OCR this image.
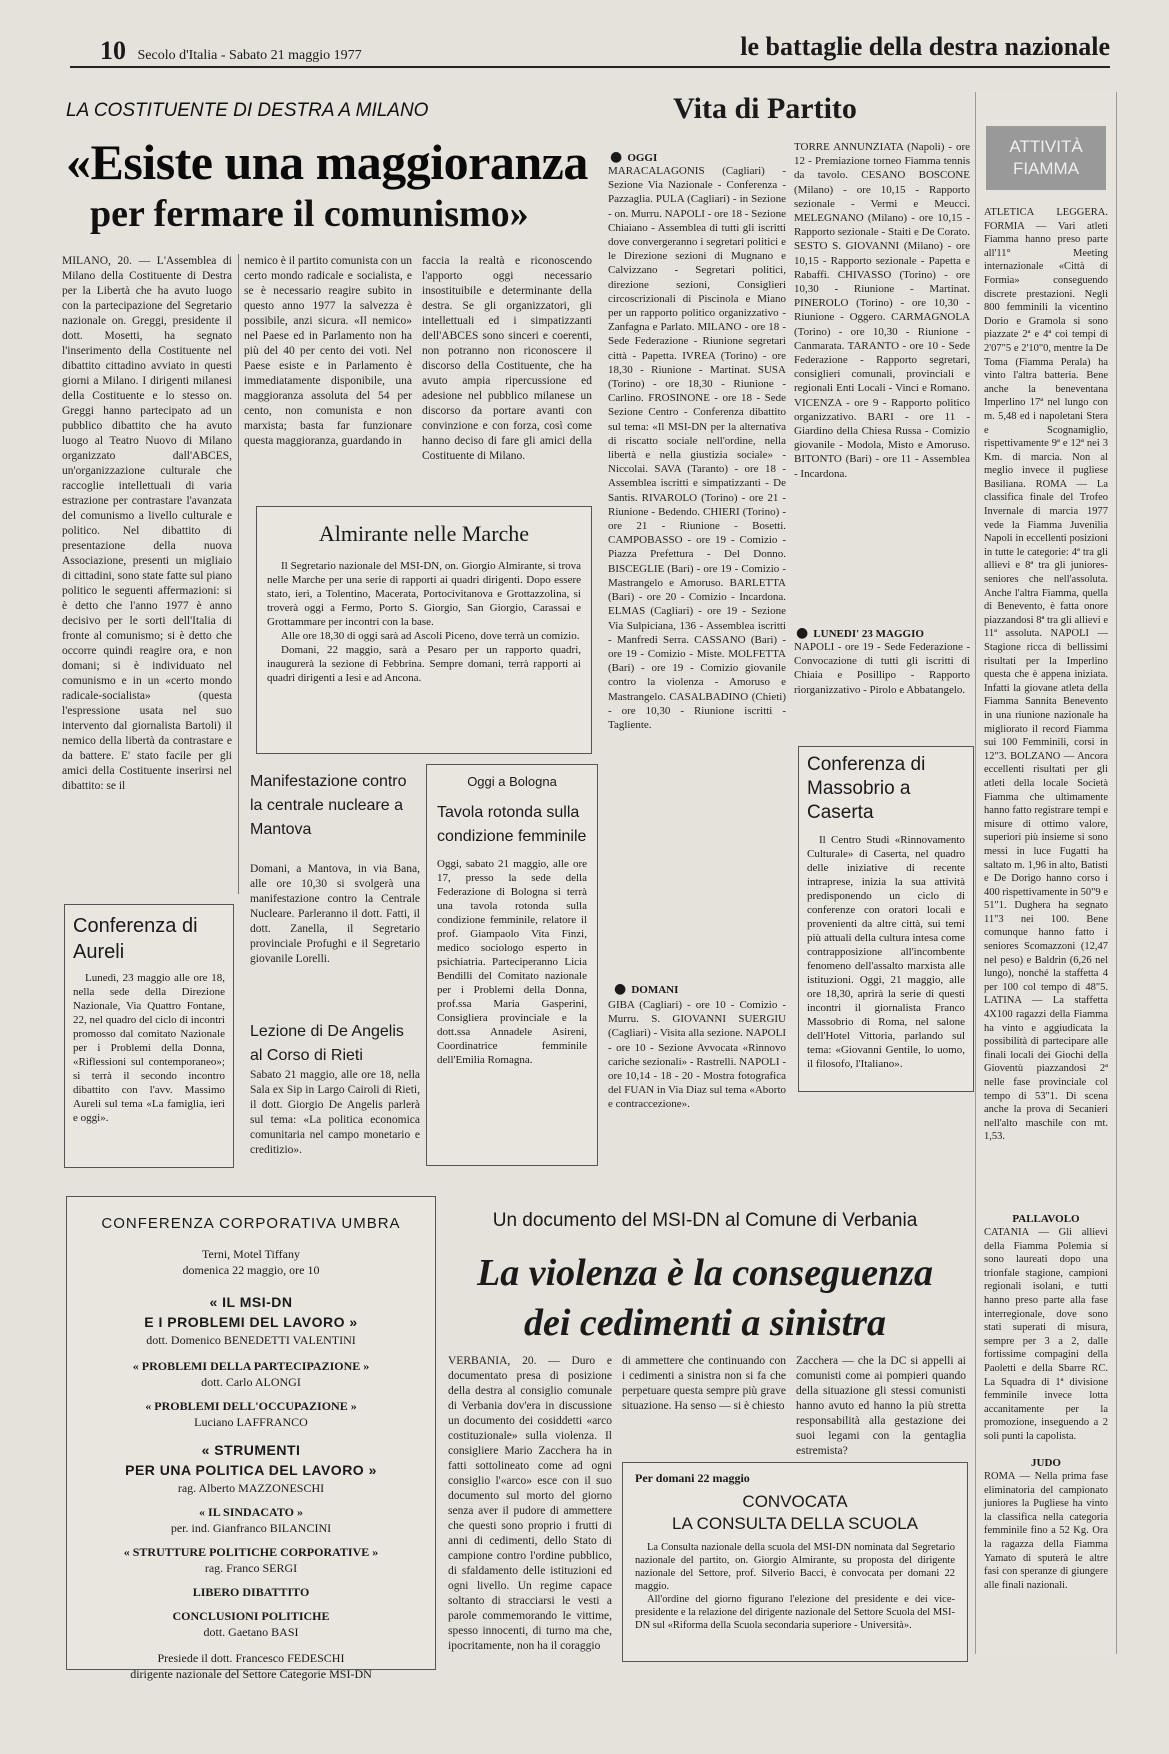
10 Secolo d'Italia - Sabato 21 maggio 1977	le battaglie della destra nazionale
LA COSTITUENTE DI DESTRA A MILANO
«Esiste una maggioranza
per fermare il comunismo»
MILANO, 20. — L'Assemblea di Milano della Costituente di Destra per la Libertà che ha avuto luogo con la partecipazione del Segretario nazionale on. Greggi, presidente il dott. Mosetti, ha segnato l'inserimento della Costituente nel dibattito cittadino avviato in questi giorni a Milano. I dirigenti milanesi della Costituente e lo stesso on. Greggi hanno partecipato ad un pubblico dibattito che ha avuto luogo al Teatro Nuovo di Milano organizzato dall'ABCES, un'organizzazione culturale che raccoglie intellettuali di varia estrazione per contrastare l'avanzata del comunismo a livello culturale e politico. Nel dibattito di presentazione della nuova Associazione, presenti un migliaio di cittadini, sono state fatte sul piano politico le seguenti affermazioni: si è detto che l'anno 1977 è anno decisivo per le sorti dell'Italia di fronte al comunismo; si è detto che occorre quindi reagire ora, e non domani; si è individuato nel comunismo e in un «certo mondo radicale-socialista» (questa l'espressione usata nel suo intervento dal giornalista Bartoli) il nemico della libertà da contrastare e da battere. E' stato facile per gli amici della Costituente inserirsi nel dibattito: se il
nemico è il partito comunista con un certo mondo radicale e socialista, e se è necessario reagire subito in questo anno 1977 la salvezza è possibile, anzi sicura. «Il nemico» nel Paese ed in Parlamento non ha più del 40 per cento dei voti. Nel Paese esiste e in Parlamento è immediatamente disponibile, una maggioranza assoluta del 54 per cento, non comunista e non marxista; basta far funzionare questa maggioranza, guardando in
faccia la realtà e riconoscendo l'apporto oggi necessario insostituibile e determinante della destra. Se gli organizzatori, gli intellettuali ed i simpatizzanti dell'ABCES sono sinceri e coerenti, non potranno non riconoscere il discorso della Costituente, che ha avuto ampia ripercussione ed adesione nel pubblico milanese un discorso da portare avanti con convinzione e con forza, così come hanno deciso di fare gli amici della Costituente di Milano.
Almirante nelle Marche
Il Segretario nazionale del MSI-DN, on. Giorgio Almirante, si trova nelle Marche per una serie di rapporti ai quadri dirigenti. Dopo essere stato, ieri, a Tolentino, Macerata, Portocivitanova e Grottazzolina, si troverà oggi a Fermo, Porto S. Giorgio, San Giorgio, Carassai e Grottammare per incontri con la base.
Alle ore 18,30 di oggi sarà ad Ascoli Piceno, dove terrà un comizio.
Domani, 22 maggio, sarà a Pesaro per un rapporto quadri, inaugurerà la sezione di Febbrina. Sempre domani, terrà rapporti ai quadri dirigenti a Iesi e ad Ancona.
Manifestazione contro la centrale nucleare a Mantova
Domani, a Mantova, in via Bana, alle ore 10,30 si svolgerà una manifestazione contro la Centrale Nucleare. Parleranno il dott. Fatti, il dott. Zanella, il Segretario provinciale Profughi e il Segretario giovanile Lorelli.
Lezione di De Angelis al Corso di Rieti
Sabato 21 maggio, alle ore 18, nella Sala ex Sip in Largo Cairoli di Rieti, il dott. Giorgio De Angelis parlerà sul tema: «La politica economica comunitaria nel campo monetario e creditizio».
Oggi a Bologna
Tavola rotonda sulla condizione femminile
Oggi, sabato 21 maggio, alle ore 17, presso la sede della Federazione di Bologna si terrà una tavola rotonda sulla condizione femminile, relatore il prof. Giampaolo Vita Finzi, medico sociologo esperto in psichiatria. Parteciperanno Licia Bendilli del Comitato nazionale per i Problemi della Donna, prof.ssa Maria Gasperini, Consigliera provinciale e la dott.ssa Annadele Asireni, Coordinatrice femminile dell'Emilia Romagna.
Conferenza di Aureli
Lunedì, 23 maggio alle ore 18, nella sede della Direzione Nazionale, Via Quattro Fontane, 22, nel quadro del ciclo di incontri promosso dal comitato Nazionale per i Problemi della Donna, «Riflessioni sul contemporaneo»; si terrà il secondo incontro dibattito con l'avv. Massimo Aureli sul tema «La famiglia, ieri e oggi».
Vita di Partito
● OGGI
MARACALAGONIS (Cagliari) - Sezione Via Nazionale - Conferenza - Pazzaglia. PULA (Cagliari) - in Sezione - on. Murru. NAPOLI - ore 18 - Sezione Chiaiano - Assemblea di tutti gli iscritti dove convergeranno i segretari politici e le Direzione sezioni di Mugnano e Calvizzano - Segretari politici, direzione sezioni, Consiglieri circoscrizionali di Piscinola e Miano per un rapporto politico organizzativo - Zanfagna e Parlato. MILANO - ore 18 - Sede Federazione - Riunione segretari città - Papetta. IVREA (Torino) - ore 18,30 - Riunione - Martinat. SUSA (Torino) - ore 18,30 - Riunione - Carlino. FROSINONE - ore 18 - Sede Sezione Centro - Conferenza dibattito sul tema: «Il MSI-DN per la alternativa di riscatto sociale nell'ordine, nella libertà e nella giustizia sociale» - Niccolai. SAVA (Taranto) - ore 18 - Assemblea iscritti e simpatizzanti - De Santis. RIVAROLO (Torino) - ore 21 - Riunione - Bedendo. CHIERI (Torino) - ore 21 - Riunione - Bosetti. CAMPOBASSO - ore 19 - Comizio - Piazza Prefettura - Del Donno. BISCEGLIE (Bari) - ore 19 - Comizio - Mastrangelo e Amoruso. BARLETTA (Bari) - ore 20 - Comizio - Incardona. ELMAS (Cagliari) - ore 19 - Sezione Via Sulpiciana, 136 - Assemblea iscritti - Manfredi Serra. CASSANO (Bari) - ore 19 - Comizio - Miste. MOLFETTA (Bari) - ore 19 - Comizio giovanile contro la violenza - Amoruso e Mastrangelo. CASALBADINO (Chieti) - ore 10,30 - Riunione iscritti - Tagliente.
● DOMANI
GIBA (Cagliari) - ore 10 - Comizio - Murru. S. GIOVANNI SUERGIU (Cagliari) - Visita alla sezione. NAPOLI - ore 10 - Sezione Avvocata «Rinnovo cariche sezionali» - Rastrelli. NAPOLI - ore 10,14 - 18 - 20 - Mostra fotografica del FUAN in Via Diaz sul tema «Aborto e contraccezione».
TORRE ANNUNZIATA (Napoli) - ore 12 - Premiazione torneo Fiamma tennis da tavolo. CESANO BOSCONE (Milano) - ore 10,15 - Rapporto sezionale - Vermi e Meucci. MELEGNANO (Milano) - ore 10,15 - Rapporto sezionale - Staiti e De Corato. SESTO S. GIOVANNI (Milano) - ore 10,15 - Rapporto sezionale - Papetta e Rabaffi. CHIVASSO (Torino) - ore 10,30 - Riunione - Martinat. PINEROLO (Torino) - ore 10,30 - Riunione - Oggero. CARMAGNOLA (Torino) - ore 10,30 - Riunione - Canmarata. TARANTO - ore 10 - Sede Federazione - Rapporto segretari, consiglieri comunali, provinciali e regionali Enti Locali - Vinci e Romano. VICENZA - ore 9 - Rapporto politico organizzativo. BARI - ore 11 - Giardino della Chiesa Russa - Comizio giovanile - Modola, Misto e Amoruso. BITONTO (Bari) - ore 11 - Assemblea - Incardona.
● LUNEDI' 23 MAGGIO
NAPOLI - ore 19 - Sede Federazione - Convocazione di tutti gli iscritti di Chiaia e Posillipo - Rapporto riorganizzativo - Pirolo e Abbatangelo.
Conferenza di Massobrio a Caserta
Il Centro Studi «Rinnovamento Culturale» di Caserta, nel quadro delle iniziative di recente intraprese, inizia la sua attività predisponendo un ciclo di conferenze con oratori locali e provenienti da altre città, sui temi più attuali della cultura intesa come contrapposizione all'incombente fenomeno dell'assalto marxista alle istituzioni. Oggi, 21 maggio, alle ore 18,30, aprirà la serie di questi incontri il giornalista Franco Massobrio di Roma, nel salone dell'Hotel Vittoria, parlando sul tema: «Giovanni Gentile, lo uomo, il filosofo, l'Italiano».
ATTIVITÀ
FIAMMA
ATLETICA LEGGERA. FORMIA — Vari atleti Fiamma hanno preso parte all'11° Meeting internazionale «Città di Formia» conseguendo discrete prestazioni. Negli 800 femminili la vicentino Dorio e Gramola si sono piazzate 2ª e 4ª coi tempi di 2'07"5 e 2'10"0, mentre la De Toma (Fiamma Perala) ha vinto l'altra batteria. Bene anche la beneventana Imperlino 17ª nel lungo con m. 5,48 ed i napoletani Stera e Scognamiglio, rispettivamente 9ª e 12ª nei 3 Km. di marcia. Non al meglio invece il pugliese Basiliana. ROMA — La classifica finale del Trofeo Invernale di marcia 1977 vede la Fiamma Juvenilia Napoli in eccellenti posizioni in tutte le categorie: 4ª tra gli allievi e 8ª tra gli juniores-seniores che nell'assoluta. Anche l'altra Fiamma, quella di Benevento, è fatta onore piazzandosi 8ª tra gli allievi e 11ª assoluta. NAPOLI — Stagione ricca di bellissimi risultati per la Imperlino questa che è appena iniziata. Infatti la giovane atleta della Fiamma Sannita Benevento in una riunione nazionale ha migliorato il record Fiamma sui 100 Femminili, corsi in 12"3. BOLZANO — Ancora eccellenti risultati per gli atleti della locale Società Fiamma che ultimamente hanno fatto registrare tempi e misure di ottimo valore, superiori più insieme si sono messi in luce Fugatti ha saltato m. 1,96 in alto, Batisti e De Dorigo hanno corso i 400 rispettivamente in 50"9 e 51"1. Dughera ha segnato 11"3 nei 100. Bene comunque hanno fatto i seniores Scomazzoni (12,47 nel peso) e Baldrin (6,26 nel lungo), nonché la staffetta 4 per 100 col tempo di 48"5. LATINA — La staffetta 4X100 ragazzi della Fiamma ha vinto e aggiudicata la possibilità di partecipare alle finali locali dei Giochi della Gioventù piazzandosi 2ª nelle fase provinciale col tempo di 53"1. Di scena anche la prova di Secanieri nell'alto maschile con mt. 1,53.
PALLAVOLO
CATANIA — Gli allievi della Fiamma Polemia si sono laureati dopo una trionfale stagione, campioni regionali isolani, e tutti hanno preso parte alla fase interregionale, dove sono stati superati di misura, sempre per 3 a 2, dalle fortissime compagini della Paoletti e della Sbarre RC. La Squadra di 1ª divisione femminile invece lotta accanitamente per la promozione, inseguendo a 2 soli punti la capolista.
JUDO
ROMA — Nella prima fase eliminatoria del campionato juniores la Pugliese ha vinto la classifica nella categoria femminile fino a 52 Kg. Ora la ragazza della Fiamma Yamato di sputerà le altre fasi con speranze di giungere alle finali nazionali.
CONFERENZA CORPORATIVA UMBRA
Terni, Motel Tiffany
domenica 22 maggio, ore 10
« IL MSI-DN
E I PROBLEMI DEL LAVORO »
dott. Domenico BENEDETTI VALENTINI
« PROBLEMI DELLA PARTECIPAZIONE »
dott. Carlo ALONGI
« PROBLEMI DELL'OCCUPAZIONE »
Luciano LAFFRANCO
« STRUMENTI
PER UNA POLITICA DEL LAVORO »
rag. Alberto MAZZONESCHI
« IL SINDACATO »
per. ind. Gianfranco BILANCINI
« STRUTTURE POLITICHE CORPORATIVE »
rag. Franco SERGI
LIBERO DIBATTITO
CONCLUSIONI POLITICHE
dott. Gaetano BASI
Presiede il dott. Francesco FEDESCHI
dirigente nazionale del Settore Categorie MSI-DN
Un documento del MSI-DN al Comune di Verbania
La violenza è la conseguenza
dei cedimenti a sinistra
VERBANIA, 20. — Duro e documentato presa di posizione della destra al consiglio comunale di Verbania dov'era in discussione un documento dei cosiddetti «arco costituzionale» sulla violenza. Il consigliere Mario Zacchera ha in fatti sottolineato come ad ogni consiglio l'«arco» esce con il suo documento sul morto del giorno senza aver il pudore di ammettere che questi sono proprio i frutti di anni di cedimenti, dello Stato di campione contro l'ordine pubblico, di sfaldamento delle istituzioni ed ogni livello. Un regime capace soltanto di stracciarsi le vesti a parole commemorando le vittime, spesso innocenti, di turno ma che, ipocritamente, non ha il coraggio
di ammettere che continuando con i cedimenti a sinistra non si fa che perpetuare questa sempre più grave situazione. Ha senso — si è chiesto
Zacchera — che la DC si appelli ai comunisti come ai pompieri quando della situazione gli stessi comunisti hanno avuto ed hanno la più stretta responsabilità alla gestazione dei suoi legami con la gentaglia estremista?
Per domani 22 maggio
CONVOCATA
LA CONSULTA DELLA SCUOLA
La Consulta nazionale della scuola del MSI-DN nominata dal Segretario nazionale del partito, on. Giorgio Almirante, su proposta del dirigente nazionale del Settore, prof. Silverio Bacci, è convocata per domani 22 maggio.
All'ordine del giorno figurano l'elezione del presidente e dei vice-presidente e la relazione del dirigente nazionale del Settore Scuola del MSI-DN sul «Riforma della Scuola secondaria superiore - Università».
